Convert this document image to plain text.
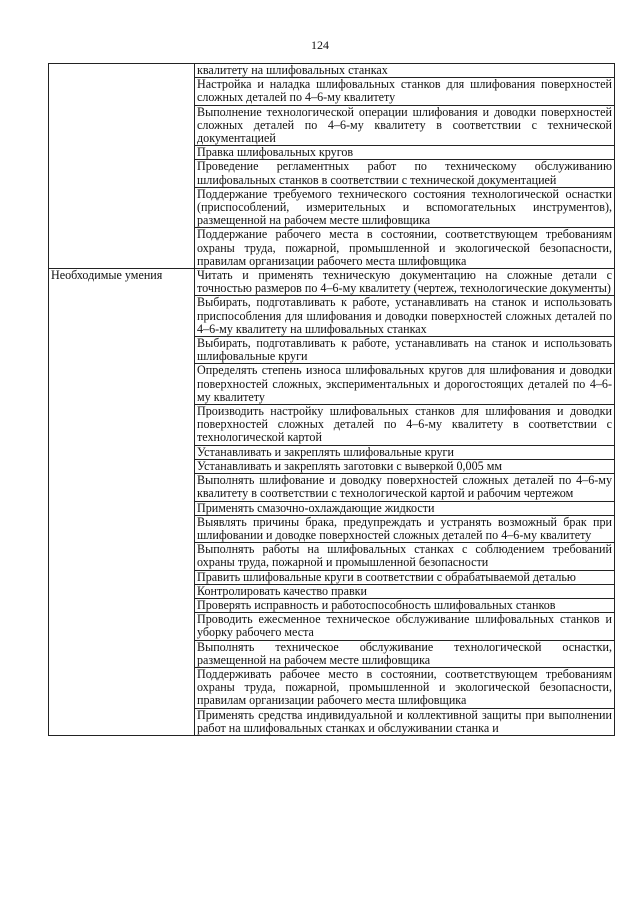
124
	квалитету на шлифовальных станках
	Настройка и наладка шлифовальных станков для шлифования поверхностей сложных деталей по 4–6-му квалитету
	Выполнение технологической операции шлифования и доводки поверхностей сложных деталей по 4–6-му квалитету в соответствии с технической документацией
	Правка шлифовальных кругов
	Проведение регламентных работ по техническому обслуживанию шлифовальных станков в соответствии с технической документацией
	Поддержание требуемого технического состояния технологической оснастки (приспособлений, измерительных и вспомогательных инструментов), размещенной на рабочем месте шлифовщика
	Поддержание рабочего места в состоянии, соответствующем требованиям охраны труда, пожарной, промышленной и экологической безопасности, правилам организации рабочего места шлифовщика
Необходимые умения	Читать и применять техническую документацию на сложные детали с точностью размеров по 4–6-му квалитету (чертеж, технологические документы)
	Выбирать, подготавливать к работе, устанавливать на станок и использовать приспособления для шлифования и доводки поверхностей сложных деталей по 4–6-му квалитету на шлифовальных станках
	Выбирать, подготавливать к работе, устанавливать на станок и использовать шлифовальные круги
	Определять степень износа шлифовальных кругов для шлифования и доводки поверхностей сложных, экспериментальных и дорогостоящих деталей по 4–6-му квалитету
	Производить настройку шлифовальных станков для шлифования и доводки поверхностей сложных деталей по 4–6-му квалитету в соответствии с технологической картой
	Устанавливать и закреплять шлифовальные круги
	Устанавливать и закреплять заготовки с выверкой 0,005 мм
	Выполнять шлифование и доводку поверхностей сложных деталей по 4–6-му квалитету в соответствии с технологической картой и рабочим чертежом
	Применять смазочно-охлаждающие жидкости
	Выявлять причины брака, предупреждать и устранять возможный брак при шлифовании и доводке поверхностей сложных деталей по 4–6-му квалитету
	Выполнять работы на шлифовальных станках с соблюдением требований охраны труда, пожарной и промышленной безопасности
	Править шлифовальные круги в соответствии с обрабатываемой деталью
	Контролировать качество правки
	Проверять исправность и работоспособность шлифовальных станков
	Проводить ежесменное техническое обслуживание шлифовальных станков и уборку рабочего места
	Выполнять техническое обслуживание технологической оснастки, размещенной на рабочем месте шлифовщика
	Поддерживать рабочее место в состоянии, соответствующем требованиям охраны труда, пожарной, промышленной и экологической безопасности, правилам организации рабочего места шлифовщика
	Применять средства индивидуальной и коллективной защиты при выполнении работ на шлифовальных станках и обслуживании станка и
